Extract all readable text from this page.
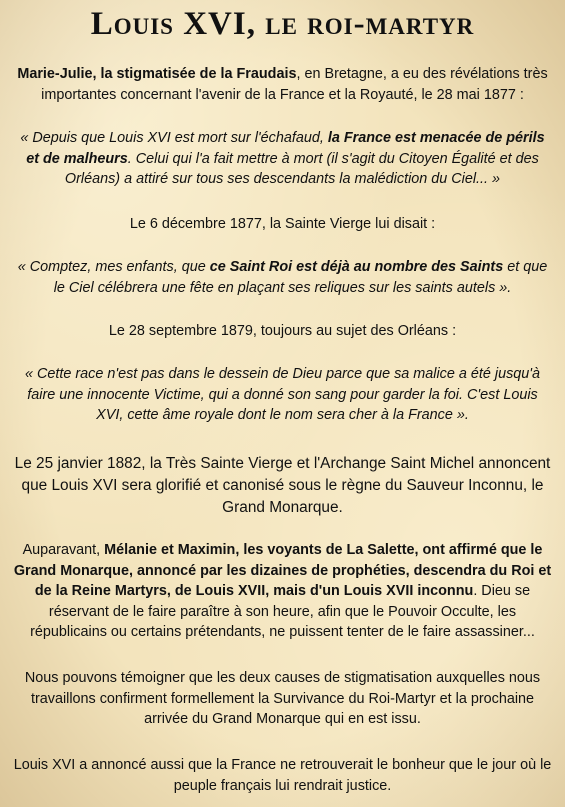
Louis XVI, le roi-martyr
Marie-Julie, la stigmatisée de la Fraudais, en Bretagne, a eu des révélations très importantes concernant l'avenir de la France et la Royauté, le 28 mai 1877 :
« Depuis que Louis XVI est mort sur l'échafaud, la France est menacée de périls et de malheurs. Celui qui l'a fait mettre à mort (il s'agit du Citoyen Égalité et des Orléans) a attiré sur tous ses descendants la malédiction du Ciel... »
Le 6 décembre 1877, la Sainte Vierge lui disait :
« Comptez, mes enfants, que ce Saint Roi est déjà au nombre des Saints et que le Ciel célébrera une fête en plaçant ses reliques sur les saints autels ».
Le 28 septembre 1879, toujours au sujet des Orléans :
« Cette race n'est pas dans le dessein de Dieu parce que sa malice a été jusqu'à faire une innocente Victime, qui a donné son sang pour garder la foi. C'est Louis XVI, cette âme royale dont le nom sera cher à la France ».
Le 25 janvier 1882, la Très Sainte Vierge et l'Archange Saint Michel annoncent que Louis XVI sera glorifié et canonisé sous le règne du Sauveur Inconnu, le Grand Monarque.
Auparavant, Mélanie et Maximin, les voyants de La Salette, ont affirmé que le Grand Monarque, annoncé par les dizaines de prophéties, descendra du Roi et de la Reine Martyrs, de Louis XVII, mais d'un Louis XVII inconnu. Dieu se réservant de le faire paraître à son heure, afin que le Pouvoir Occulte, les républicains ou certains prétendants, ne puissent tenter de le faire assassiner...
Nous pouvons témoigner que les deux causes de stigmatisation auxquelles nous travaillons confirment formellement la Survivance du Roi-Martyr et la prochaine arrivée du Grand Monarque qui en est issu.
Louis XVI a annoncé aussi que la France ne retrouverait le bonheur que le jour où le peuple français lui rendrait justice.
